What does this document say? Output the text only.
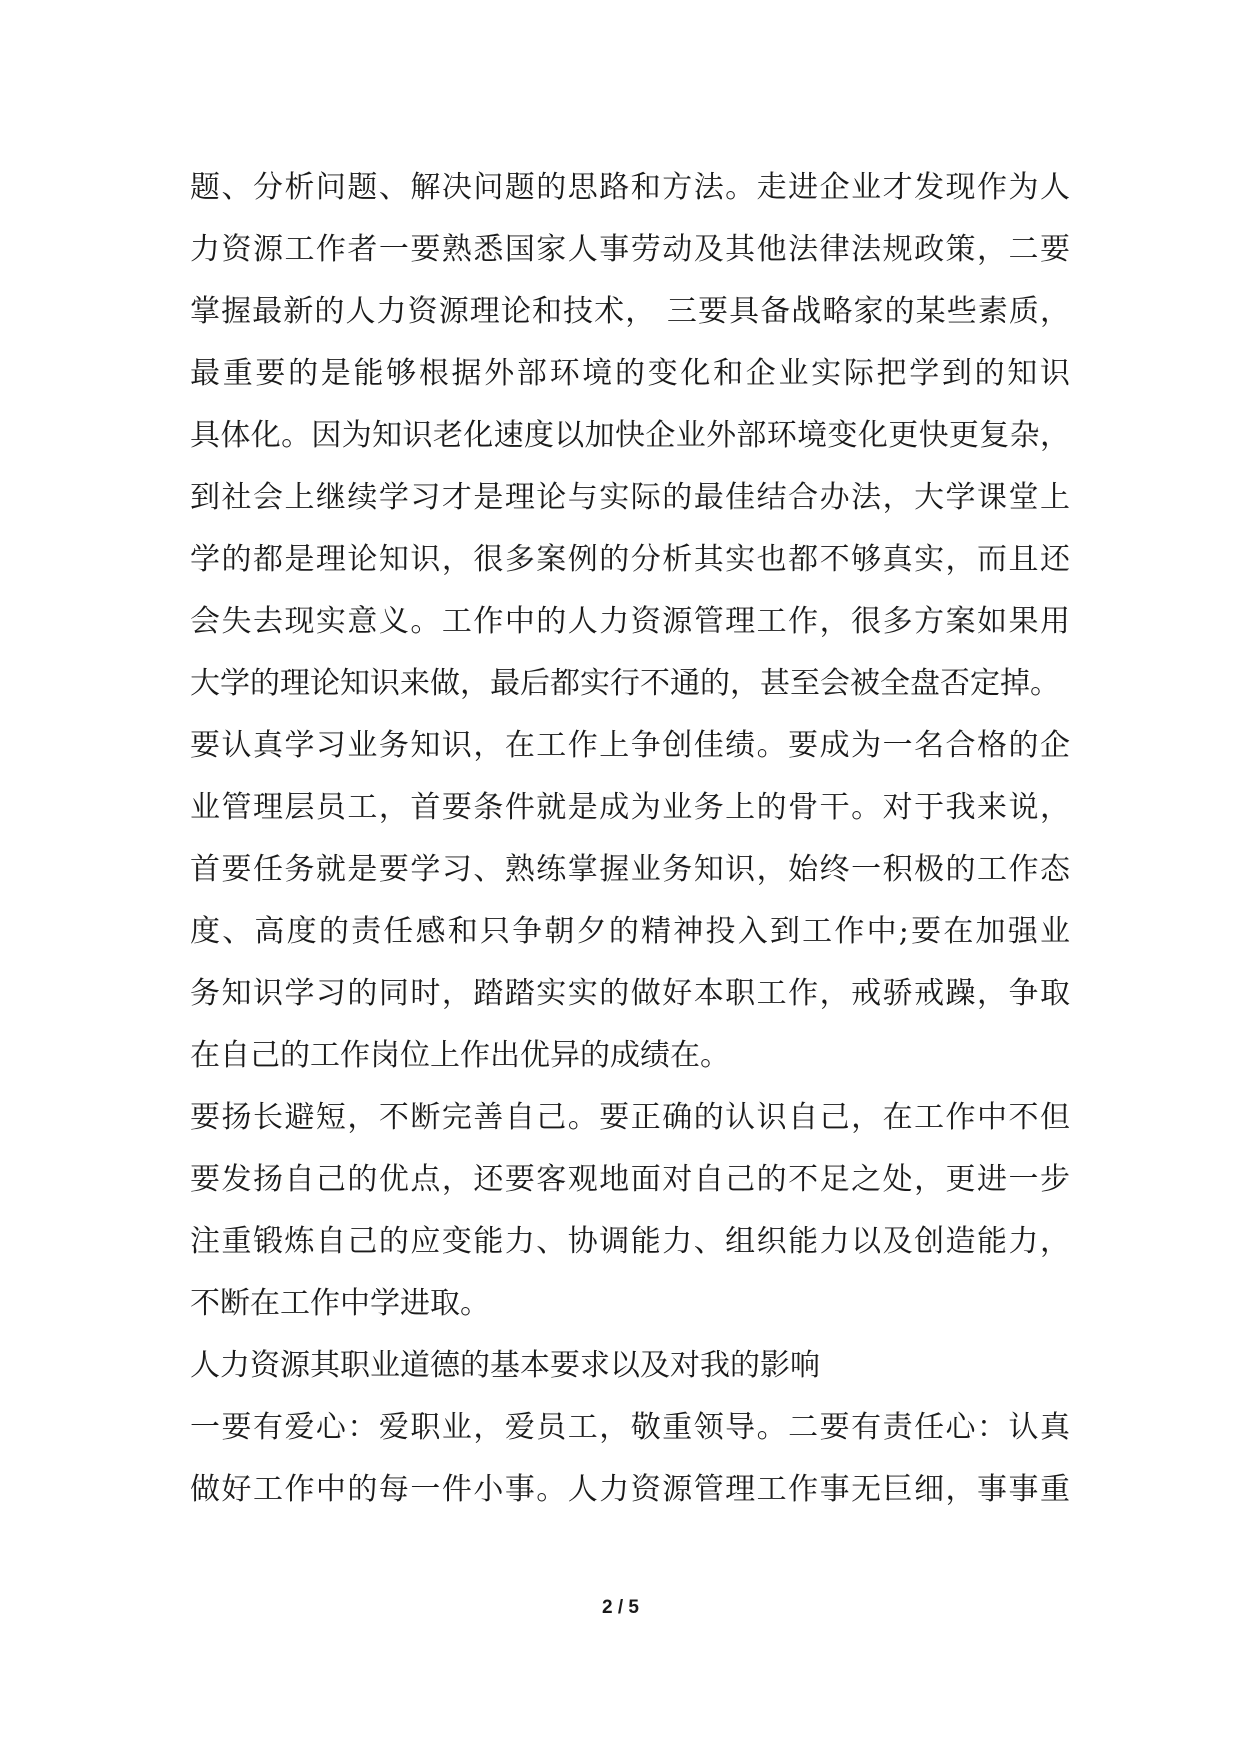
题、分析问题、解决问题的思路和方法。走进企业才发现作为人
力资源工作者一要熟悉国家人事劳动及其他法律法规政策，二要
掌握最新的人力资源理论和技术， 三要具备战略家的某些素质，
最重要的是能够根据外部环境的变化和企业实际把学到的知识
具体化。因为知识老化速度以加快企业外部环境变化更快更复杂，
到社会上继续学习才是理论与实际的最佳结合办法，大学课堂上
学的都是理论知识，很多案例的分析其实也都不够真实，而且还
会失去现实意义。工作中的人力资源管理工作，很多方案如果用
大学的理论知识来做，最后都实行不通的，甚至会被全盘否定掉。
要认真学习业务知识，在工作上争创佳绩。要成为一名合格的企
业管理层员工，首要条件就是成为业务上的骨干。对于我来说，
首要任务就是要学习、熟练掌握业务知识，始终一积极的工作态
度、高度的责任感和只争朝夕的精神投入到工作中;要在加强业
务知识学习的同时，踏踏实实的做好本职工作，戒骄戒躁，争取
在自己的工作岗位上作出优异的成绩在。
要扬长避短，不断完善自己。要正确的认识自己，在工作中不但
要发扬自己的优点，还要客观地面对自己的不足之处，更进一步
注重锻炼自己的应变能力、协调能力、组织能力以及创造能力，
不断在工作中学进取。
人力资源其职业道德的基本要求以及对我的影响
一要有爱心：爱职业，爱员工，敬重领导。二要有责任心：认真
做好工作中的每一件小事。人力资源管理工作事无巨细，事事重
2 / 5
